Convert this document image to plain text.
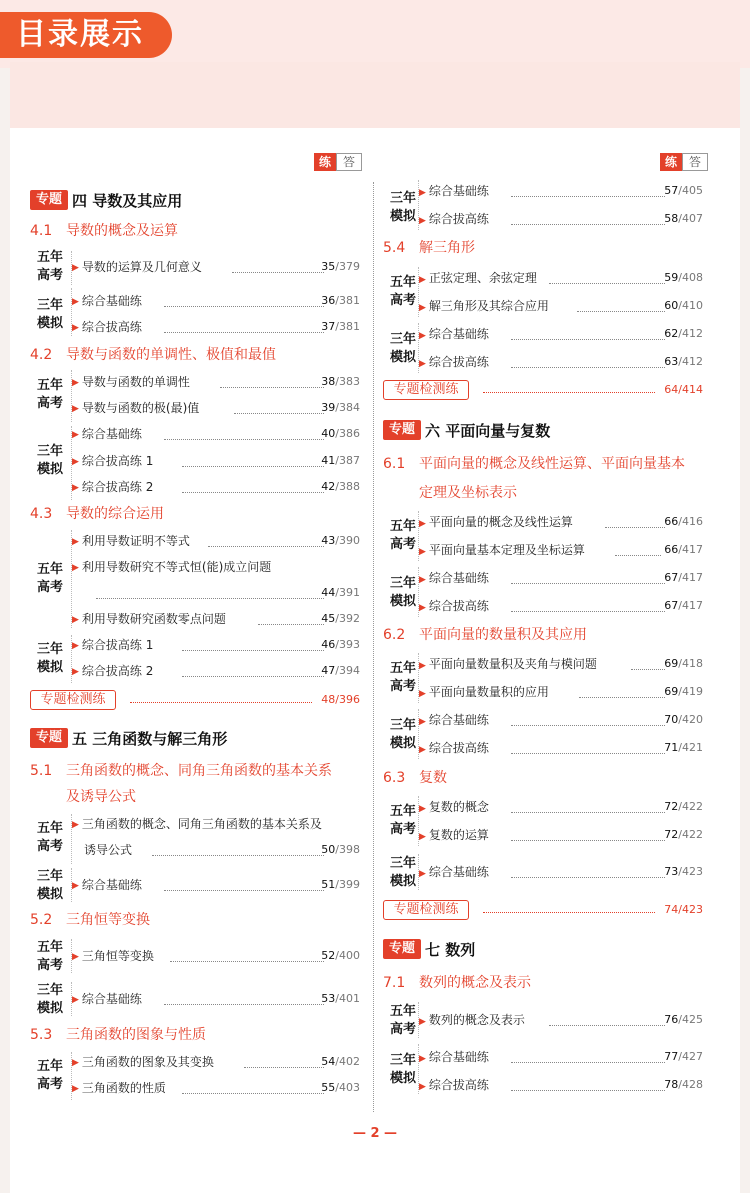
目录展示
练 答	练 答
专题 四 导数及其应用
4.1 导数的概念及运算
五年
高考
▶ 导数的运算及几何意义	35/379
三年
模拟
▶ 综合基础练	36/381
▶ 综合拔高练	37/381
4.2 导数与函数的单调性、极值和最值
五年
高考
▶ 导数与函数的单调性	38/383
▶ 导数与函数的极(最)值	39/384
三年
模拟
▶ 综合基础练	40/386
▶ 综合拔高练 1	41/387
▶ 综合拔高练 2	42/388
4.3 导数的综合运用
五年
高考
▶ 利用导数证明不等式	43/390
▶ 利用导数研究不等式恒(能)成立问题
44/391
▶ 利用导数研究函数零点问题	45/392
三年
模拟
▶ 综合拔高练 1	46/393
▶ 综合拔高练 2	47/394
专题检测练	48/396
专题 五 三角函数与解三角形
5.1 三角函数的概念、同角三角函数的基本关系
及诱导公式
五年
高考
▶ 三角函数的概念、同角三角函数的基本关系及
诱导公式	50/398
三年
模拟
▶ 综合基础练	51/399
5.2 三角恒等变换
五年
高考
▶ 三角恒等变换	52/400
三年
模拟
▶ 综合基础练	53/401
5.3 三角函数的图象与性质
五年
高考
▶ 三角函数的图象及其变换	54/402
▶ 三角函数的性质	55/403
三年
模拟
▶ 综合基础练	57/405
▶ 综合拔高练	58/407
5.4 解三角形
五年
高考
▶ 正弦定理、余弦定理	59/408
▶ 解三角形及其综合应用	60/410
三年
模拟
▶ 综合基础练	62/412
▶ 综合拔高练	63/412
专题检测练	64/414
专题 六 平面向量与复数
6.1 平面向量的概念及线性运算、平面向量基本
定理及坐标表示
五年
高考
▶ 平面向量的概念及线性运算	66/416
▶ 平面向量基本定理及坐标运算	66/417
三年
模拟
▶ 综合基础练	67/417
▶ 综合拔高练	67/417
6.2 平面向量的数量积及其应用
五年
高考
▶ 平面向量数量积及夹角与模问题	69/418
▶ 平面向量数量积的应用	69/419
三年
模拟
▶ 综合基础练	70/420
▶ 综合拔高练	71/421
6.3 复数
五年
高考
▶ 复数的概念	72/422
▶ 复数的运算	72/422
三年
模拟 ▶ 综合基础练	73/423
专题检测练	74/423
专题 七 数列
7.1 数列的概念及表示
五年
高考 ▶ 数列的概念及表示	76/425
三年
模拟
▶ 综合基础练	77/427
▶ 综合拔高练	78/428
— 2 —
